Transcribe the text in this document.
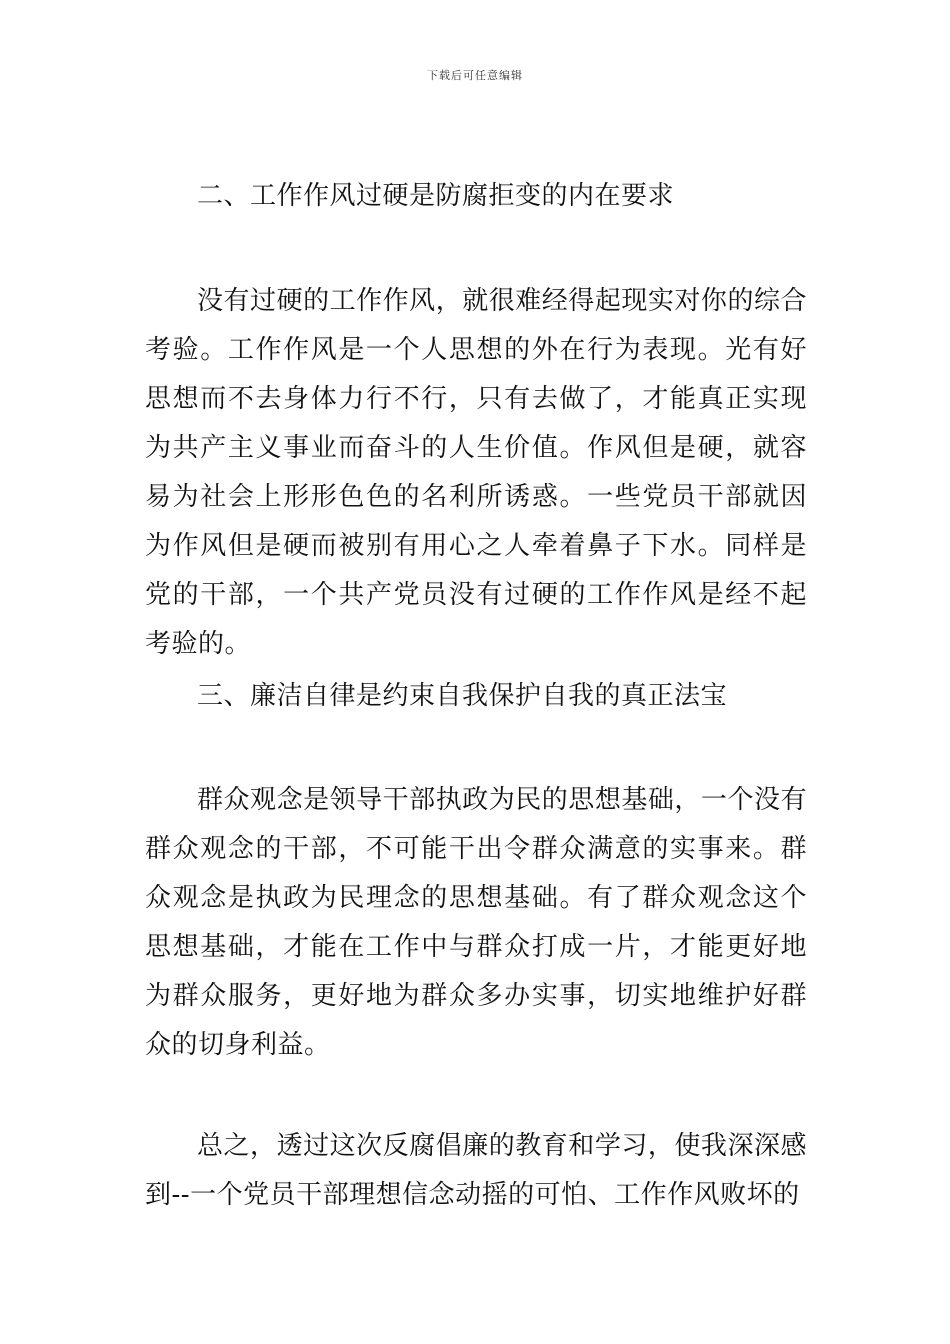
下载后可任意编辑
二、工作作风过硬是防腐拒变的内在要求
没有过硬的工作作风，就很难经得起现实对你的综合考验。工作作风是一个人思想的外在行为表现。光有好思想而不去身体力行不行，只有去做了，才能真正实现为共产主义事业而奋斗的人生价值。作风但是硬，就容易为社会上形形色色的名利所诱惑。一些党员干部就因为作风但是硬而被别有用心之人牵着鼻子下水。同样是党的干部，一个共产党员没有过硬的工作作风是经不起考验的。
三、廉洁自律是约束自我保护自我的真正法宝
群众观念是领导干部执政为民的思想基础，一个没有群众观念的干部，不可能干出令群众满意的实事来。群众观念是执政为民理念的思想基础。有了群众观念这个思想基础，才能在工作中与群众打成一片，才能更好地为群众服务，更好地为群众多办实事，切实地维护好群众的切身利益。
总之，透过这次反腐倡廉的教育和学习，使我深深感到--一个党员干部理想信念动摇的可怕、工作作风败坏的
